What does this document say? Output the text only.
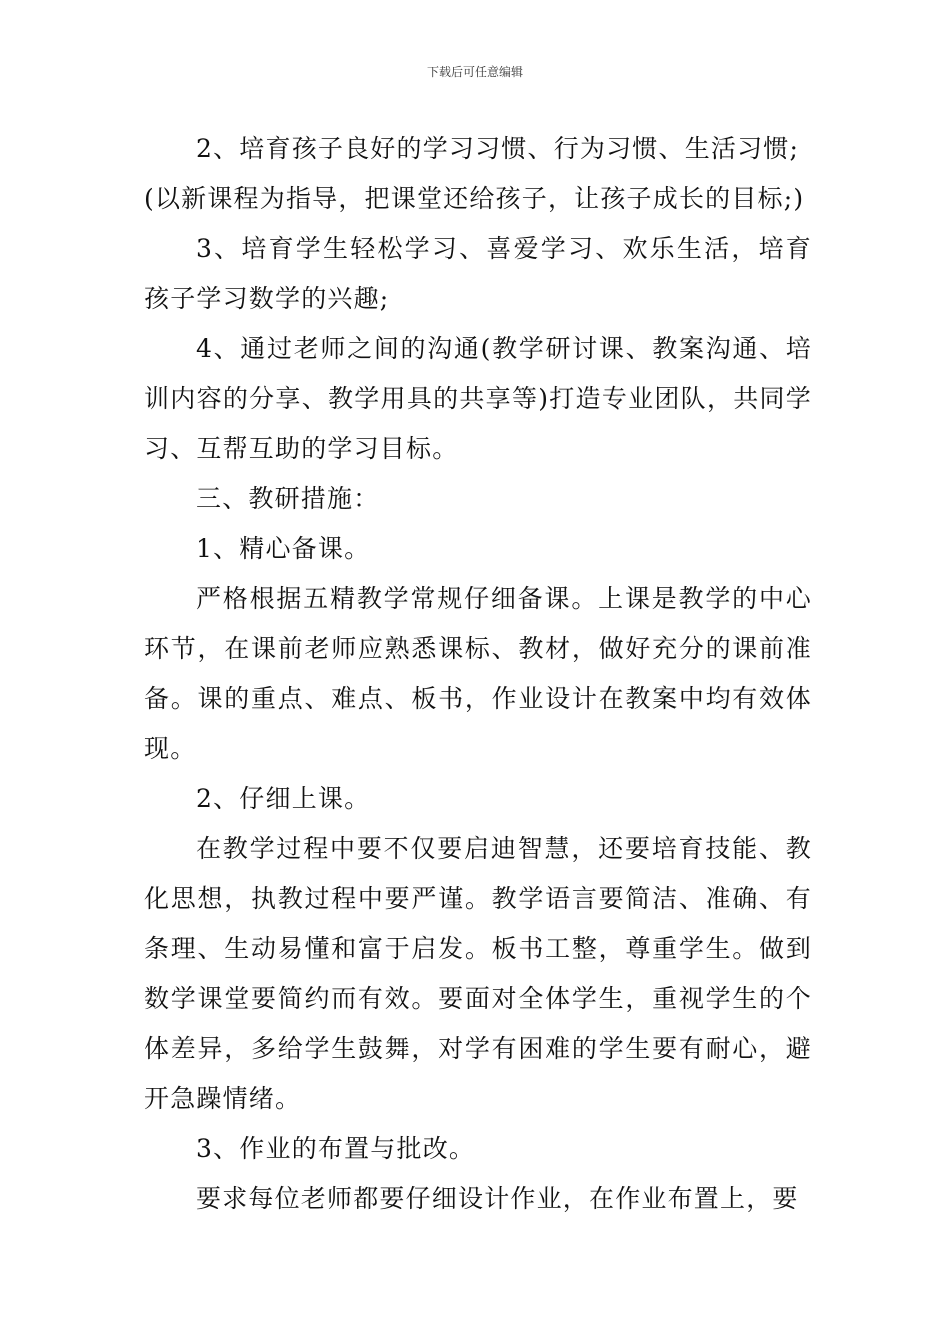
下载后可任意编辑

2、培育孩子良好的学习习惯、行为习惯、生活习惯;
(以新课程为指导，把课堂还给孩子，让孩子成长的目标;)

3、培育学生轻松学习、喜爱学习、欢乐生活，培育孩子学习数学的兴趣;

4、通过老师之间的沟通(教学研讨课、教案沟通、培训内容的分享、教学用具的共享等)打造专业团队，共同学习、互帮互助的学习目标。

三、教研措施：

1、精心备课。

严格根据五精教学常规仔细备课。上课是教学的中心环节，在课前老师应熟悉课标、教材，做好充分的课前准备。课的重点、难点、板书，作业设计在教案中均有效体现。

2、仔细上课。

在教学过程中要不仅要启迪智慧，还要培育技能、教化思想，执教过程中要严谨。教学语言要简洁、准确、有条理、生动易懂和富于启发。板书工整，尊重学生。做到数学课堂要简约而有效。要面对全体学生，重视学生的个体差异，多给学生鼓舞，对学有困难的学生要有耐心，避开急躁情绪。

3、作业的布置与批改。

要求每位老师都要仔细设计作业，在作业布置上，要
